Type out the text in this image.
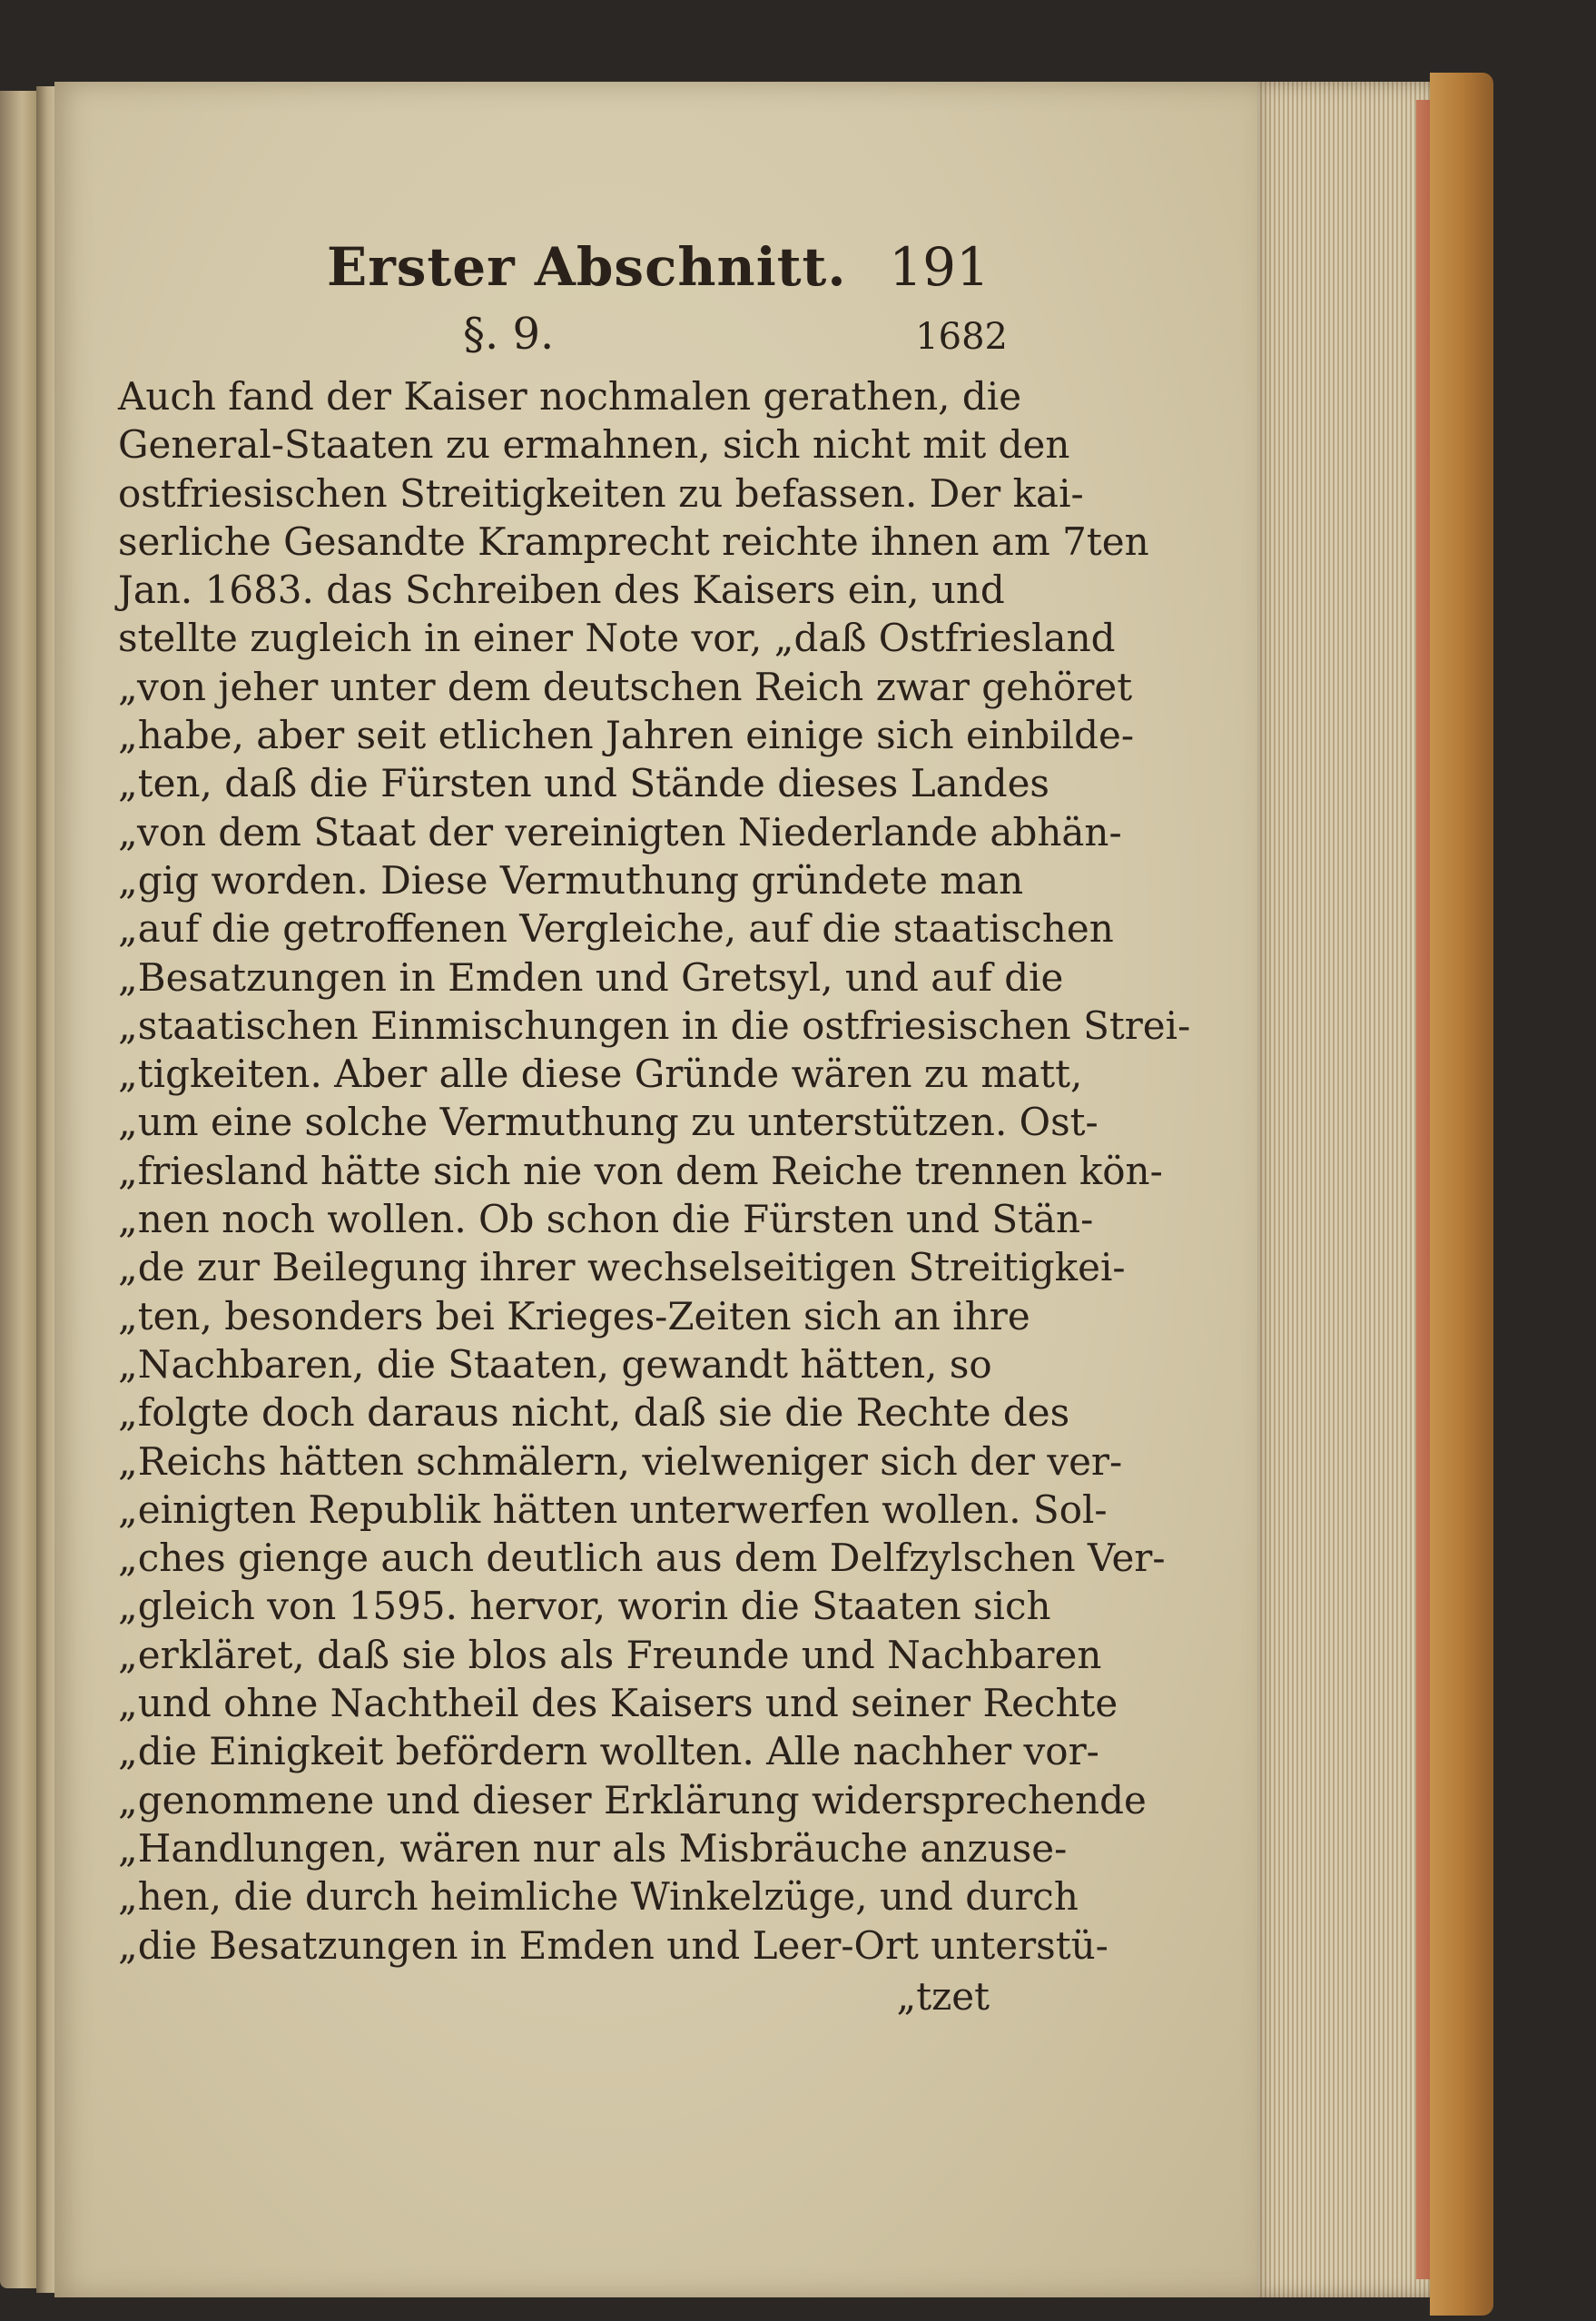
Erster Abschnitt. 191
§. 9.	1682
Auch fand der Kaiser nochmalen gerathen, die
General-Staaten zu ermahnen, sich nicht mit den
ostfriesischen Streitigkeiten zu befassen. Der kai-
serliche Gesandte Kramprecht reichte ihnen am 7ten
Jan. 1683. das Schreiben des Kaisers ein, und
stellte zugleich in einer Note vor, „daß Ostfriesland
„von jeher unter dem deutschen Reich zwar gehöret
„habe, aber seit etlichen Jahren einige sich einbilde-
„ten, daß die Fürsten und Stände dieses Landes
„von dem Staat der vereinigten Niederlande abhän-
„gig worden. Diese Vermuthung gründete man
„auf die getroffenen Vergleiche, auf die staatischen
„Besatzungen in Emden und Gretsyl, und auf die
„staatischen Einmischungen in die ostfriesischen Strei-
„tigkeiten. Aber alle diese Gründe wären zu matt,
„um eine solche Vermuthung zu unterstützen. Ost-
„friesland hätte sich nie von dem Reiche trennen kön-
„nen noch wollen. Ob schon die Fürsten und Stän-
„de zur Beilegung ihrer wechselseitigen Streitigkei-
„ten, besonders bei Krieges-Zeiten sich an ihre
„Nachbaren, die Staaten, gewandt hätten, so
„folgte doch daraus nicht, daß sie die Rechte des
„Reichs hätten schmälern, vielweniger sich der ver-
„einigten Republik hätten unterwerfen wollen. Sol-
„ches gienge auch deutlich aus dem Delfzylschen Ver-
„gleich von 1595. hervor, worin die Staaten sich
„erkläret, daß sie blos als Freunde und Nachbaren
„und ohne Nachtheil des Kaisers und seiner Rechte
„die Einigkeit befördern wollten. Alle nachher vor-
„genommene und dieser Erklärung widersprechende
„Handlungen, wären nur als Misbräuche anzuse-
„hen, die durch heimliche Winkelzüge, und durch
„die Besatzungen in Emden und Leer-Ort unterstü-
„tzet
